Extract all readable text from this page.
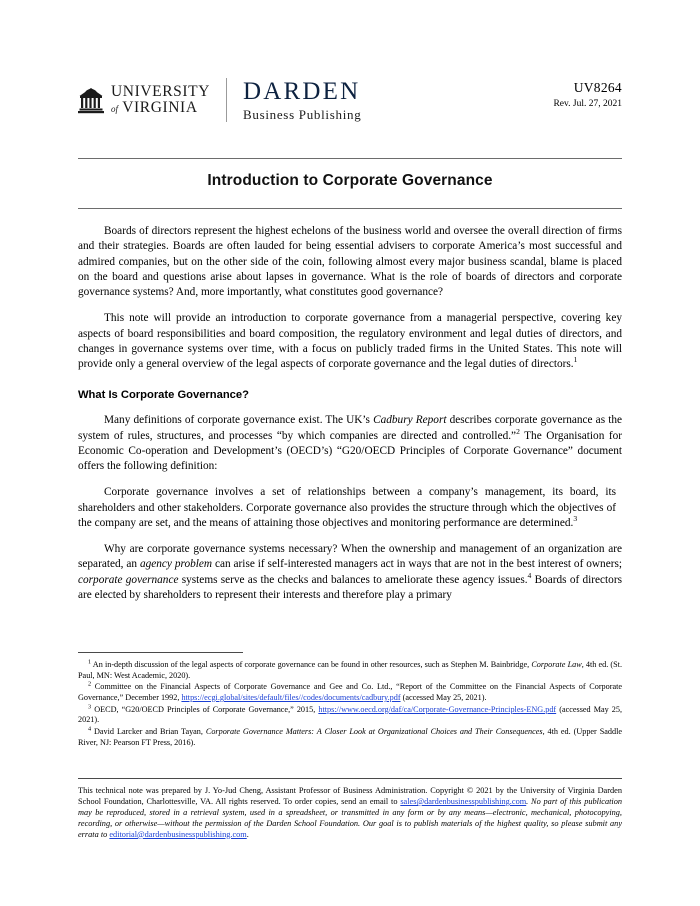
UNIVERSITY
of VIRGINIA
DARDEN
Business Publishing
UV8264
Rev. Jul. 27, 2021
Introduction to Corporate Governance

Boards of directors represent the highest echelons of the business world and oversee the overall direction of firms and their strategies. Boards are often lauded for being essential advisers to corporate America’s most successful and admired companies, but on the other side of the coin, following almost every major business scandal, blame is placed on the board and questions arise about lapses in governance. What is the role of boards of directors and corporate governance systems? And, more importantly, what constitutes good governance?

This note will provide an introduction to corporate governance from a managerial perspective, covering key aspects of board responsibilities and board composition, the regulatory environment and legal duties of directors, and changes in governance systems over time, with a focus on publicly traded firms in the United States. This note will provide only a general overview of the legal aspects of corporate governance and the legal duties of directors.$^1$

What Is Corporate Governance?

Many definitions of corporate governance exist. The UK’s Cadbury Report describes corporate governance as the system of rules, structures, and processes “by which companies are directed and controlled.”$^2$ The Organisation for Economic Co-operation and Development’s (OECD’s) “G20/OECD Principles of Corporate Governance” document offers the following definition:

Corporate governance involves a set of relationships between a company’s management, its board, its shareholders and other stakeholders. Corporate governance also provides the structure through which the objectives of the company are set, and the means of attaining those objectives and monitoring performance are determined.$^3$

Why are corporate governance systems necessary? When the ownership and management of an organization are separated, an agency problem can arise if self-interested managers act in ways that are not in the best interest of owners; corporate governance systems serve as the checks and balances to ameliorate these agency issues.$^4$ Boards of directors are elected by shareholders to represent their interests and therefore play a primary

$^1$ An in-depth discussion of the legal aspects of corporate governance can be found in other resources, such as Stephen M. Bainbridge, Corporate Law, 4th ed. (St. Paul, MN: West Academic, 2020).

$^2$ Committee on the Financial Aspects of Corporate Governance and Gee and Co. Ltd., “Report of the Committee on the Financial Aspects of Corporate Governance,” December 1992, https://ecgi.global/sites/default/files//codes/documents/cadbury.pdf (accessed May 25, 2021).

$^3$ OECD, “G20/OECD Principles of Corporate Governance,” 2015, https://www.oecd.org/daf/ca/Corporate-Governance-Principles-ENG.pdf (accessed May 25, 2021).

$^4$ David Larcker and Brian Tayan, Corporate Governance Matters: A Closer Look at Organizational Choices and Their Consequences, 4th ed. (Upper Saddle River, NJ: Pearson FT Press, 2016).

This technical note was prepared by J. Yo-Jud Cheng, Assistant Professor of Business Administration. Copyright © 2021 by the University of Virginia Darden School Foundation, Charlottesville, VA. All rights reserved. To order copies, send an email to sales@dardenbusinesspublishing.com. No part of this publication may be reproduced, stored in a retrieval system, used in a spreadsheet, or transmitted in any form or by any means—electronic, mechanical, photocopying, recording, or otherwise—without the permission of the Darden School Foundation. Our goal is to publish materials of the highest quality, so please submit any errata to editorial@dardenbusinesspublishing.com.
